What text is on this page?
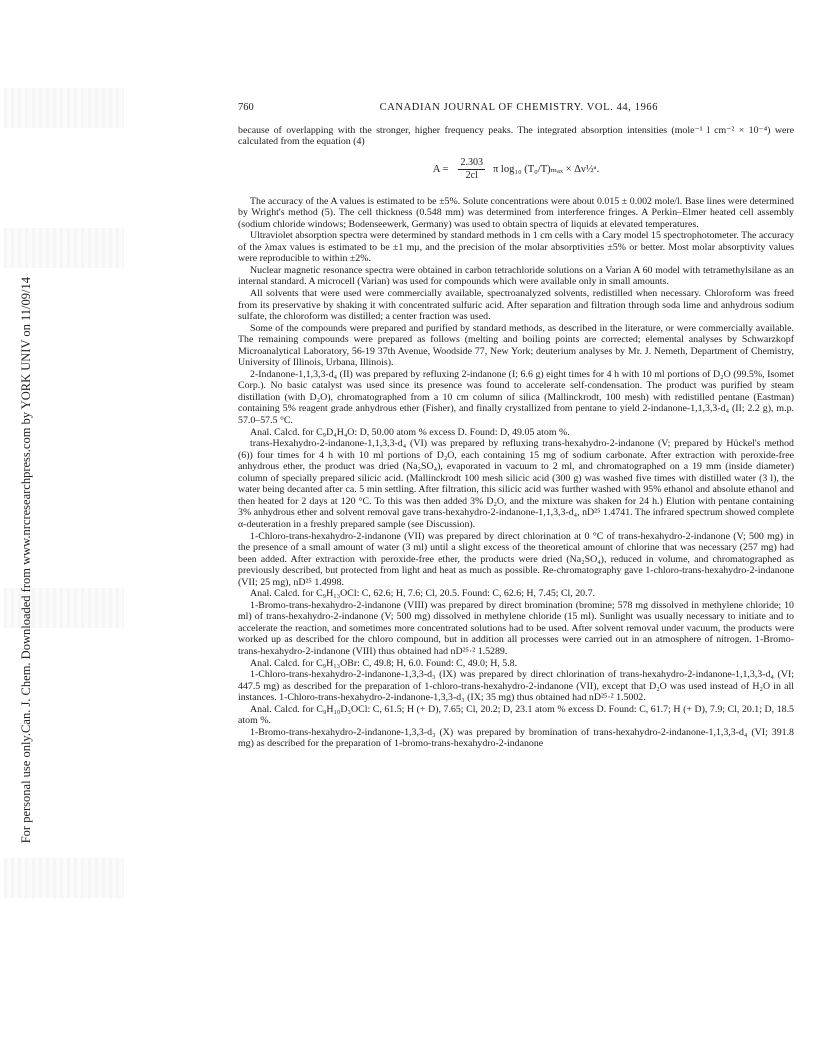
Can. J. Chem. Downloaded from www.nrcresearchpress.com by YORK UNIV on 11/09/14
For personal use only.
760	CANADIAN JOURNAL OF CHEMISTRY. VOL. 44, 1966

because of overlapping with the stronger, higher frequency peaks. The integrated absorption intensities (mole⁻¹ l cm⁻² × 10⁻⁴) were calculated from the equation (4)

$A = \frac{2.303}{2cl}$ π log₁₀ (T₀/T)ₘₐₓ × Δν½ᵃ.

The accuracy of the A values is estimated to be ±5%. Solute concentrations were about 0.015 ± 0.002 mole/l. Base lines were determined by Wright's method (5). The cell thickness (0.548 mm) was determined from interference fringes. A Perkin–Elmer heated cell assembly (sodium chloride windows; Bodenseewerk, Germany) was used to obtain spectra of liquids at elevated temperatures.

Ultraviolet absorption spectra were determined by standard methods in 1 cm cells with a Cary model 15 spectrophotometer. The accuracy of the λmax values is estimated to be ±1 mμ, and the precision of the molar absorptivities ±5% or better. Most molar absorptivity values were reproducible to within ±2%.

Nuclear magnetic resonance spectra were obtained in carbon tetrachloride solutions on a Varian A 60 model with tetramethylsilane as an internal standard. A microcell (Varian) was used for compounds which were available only in small amounts.

All solvents that were used were commercially available, spectroanalyzed solvents, redistilled when necessary. Chloroform was freed from its preservative by shaking it with concentrated sulfuric acid. After separation and filtration through soda lime and anhydrous sodium sulfate, the chloroform was distilled; a center fraction was used.

Some of the compounds were prepared and purified by standard methods, as described in the literature, or were commercially available. The remaining compounds were prepared as follows (melting and boiling points are corrected; elemental analyses by Schwarzkopf Microanalytical Laboratory, 56-19 37th Avenue, Woodside 77, New York; deuterium analyses by Mr. J. Nemeth, Department of Chemistry, University of Illinois, Urbana, Illinois).

2-Indanone-1,1,3,3-d₄ (II) was prepared by refluxing 2-indanone (I; 6.6 g) eight times for 4 h with 10 ml portions of D₂O (99.5%, Isomet Corp.). No basic catalyst was used since its presence was found to accelerate self-condensation. The product was purified by steam distillation (with D₂O), chromatographed from a 10 cm column of silica (Mallinckrodt, 100 mesh) with redistilled pentane (Eastman) containing 5% reagent grade anhydrous ether (Fisher), and finally crystallized from pentane to yield 2-indanone-1,1,3,3-d₄ (II; 2.2 g), m.p. 57.0–57.5 °C.

Anal. Calcd. for C₉D₄H₄O: D, 50.00 atom % excess D. Found: D, 49.05 atom %.

trans-Hexahydro-2-indanone-1,1,3,3-d₄ (VI) was prepared by refluxing trans-hexahydro-2-indanone (V; prepared by Hückel's method (6)) four times for 4 h with 10 ml portions of D₂O, each containing 15 mg of sodium carbonate. After extraction with peroxide-free anhydrous ether, the product was dried (Na₂SO₄), evaporated in vacuum to 2 ml, and chromatographed on a 19 mm (inside diameter) column of specially prepared silicic acid. (Mallinckrodt 100 mesh silicic acid (300 g) was washed five times with distilled water (3 l), the water being decanted after ca. 5 min settling. After filtration, this silicic acid was further washed with 95% ethanol and absolute ethanol and then heated for 2 days at 120 °C. To this was then added 3% D₂O, and the mixture was shaken for 24 h.) Elution with pentane containing 3% anhydrous ether and solvent removal gave trans-hexahydro-2-indanone-1,1,3,3-d₄, nD²⁵ 1.4741. The infrared spectrum showed complete α-deuteration in a freshly prepared sample (see Discussion).

1-Chloro-trans-hexahydro-2-indanone (VII) was prepared by direct chlorination at 0 °C of trans-hexahydro-2-indanone (V; 500 mg) in the presence of a small amount of water (3 ml) until a slight excess of the theoretical amount of chlorine that was necessary (257 mg) had been added. After extraction with peroxide-free ether, the products were dried (Na₂SO₄), reduced in volume, and chromatographed as previously described, but protected from light and heat as much as possible. Re-chromatography gave 1-chloro-trans-hexahydro-2-indanone (VII; 25 mg), nD²⁵ 1.4998.

Anal. Calcd. for C₉H₁₃OCl: C, 62.6; H, 7.6; Cl, 20.5. Found: C, 62.6; H, 7.45; Cl, 20.7.

1-Bromo-trans-hexahydro-2-indanone (VIII) was prepared by direct bromination (bromine; 578 mg dissolved in methylene chloride; 10 ml) of trans-hexahydro-2-indanone (V; 500 mg) dissolved in methylene chloride (15 ml). Sunlight was usually necessary to initiate and to accelerate the reaction, and sometimes more concentrated solutions had to be used. After solvent removal under vacuum, the products were worked up as described for the chloro compound, but in addition all processes were carried out in an atmosphere of nitrogen. 1-Bromo-trans-hexahydro-2-indanone (VIII) thus obtained had nD²⁵·² 1.5289.

Anal. Calcd. for C₉H₁₃OBr: C, 49.8; H, 6.0. Found: C, 49.0; H, 5.8.

1-Chloro-trans-hexahydro-2-indanone-1,3,3-d₃ (IX) was prepared by direct chlorination of trans-hexahydro-2-indanone-1,1,3,3-d₄ (VI; 447.5 mg) as described for the preparation of 1-chloro-trans-hexahydro-2-indanone (VII), except that D₂O was used instead of H₂O in all instances. 1-Chloro-trans-hexahydro-2-indanone-1,3,3-d₃ (IX; 35 mg) thus obtained had nD²⁵·² 1.5002.

Anal. Calcd. for C₉H₁₀D₃OCl: C, 61.5; H (+ D), 7.65; Cl, 20.2; D, 23.1 atom % excess D. Found: C, 61.7; H (+ D), 7.9; Cl, 20.1; D, 18.5 atom %.

1-Bromo-trans-hexahydro-2-indanone-1,3,3-d₃ (X) was prepared by bromination of trans-hexahydro-2-indanone-1,1,3,3-d₄ (VI; 391.8 mg) as described for the preparation of 1-bromo-trans-hexahydro-2-indanone
